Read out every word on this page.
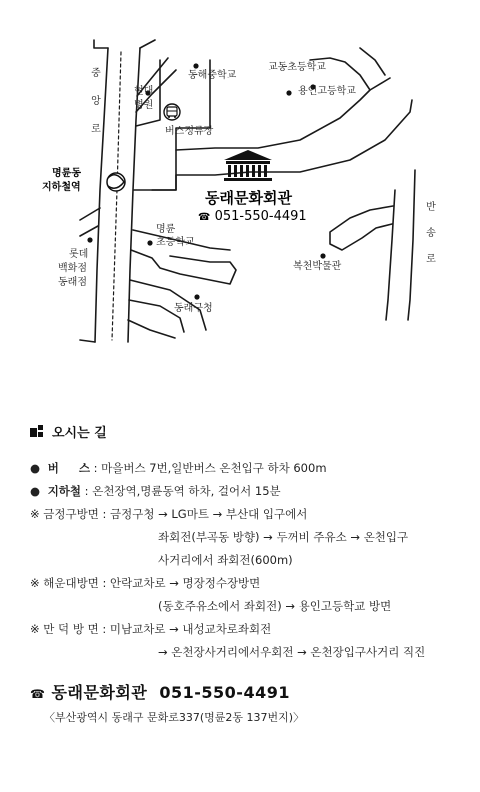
동해중학교
교동초등학교
용인고등학교
현대
병원
버스정류장
명륜
초등학교
복천박물관
동래구청
롯데
백화점
동래점
명륜동
지하철역
중
앙
로
반
송
로
동래문화회관
☎ 051-550-4491
오시는 길
● 버     스 : 마을버스 7번,일반버스 온천입구 하차 600m
● 지하철 : 온천장역,명륜동역 하차, 걸어서 15분
※ 금정구방면 : 금정구청 → LG마트 → 부산대 입구에서
좌회전(부곡동 방향) → 두꺼비 주유소 → 온천입구
사거리에서 좌회전(600m)
※ 해운대방면 : 안락교차로 → 명장정수장방면
(동호주유소에서 좌회전) → 용인고등학교 방면
※ 만 덕 방 면 : 미남교차로 → 내성교차로좌회전
→ 온천장사거리에서우회전 → 온천장입구사거리 직진
☎ 동래문화회관 051-550-4491
〈부산광역시 동래구 문화로337(명륜2동 137번지)〉
